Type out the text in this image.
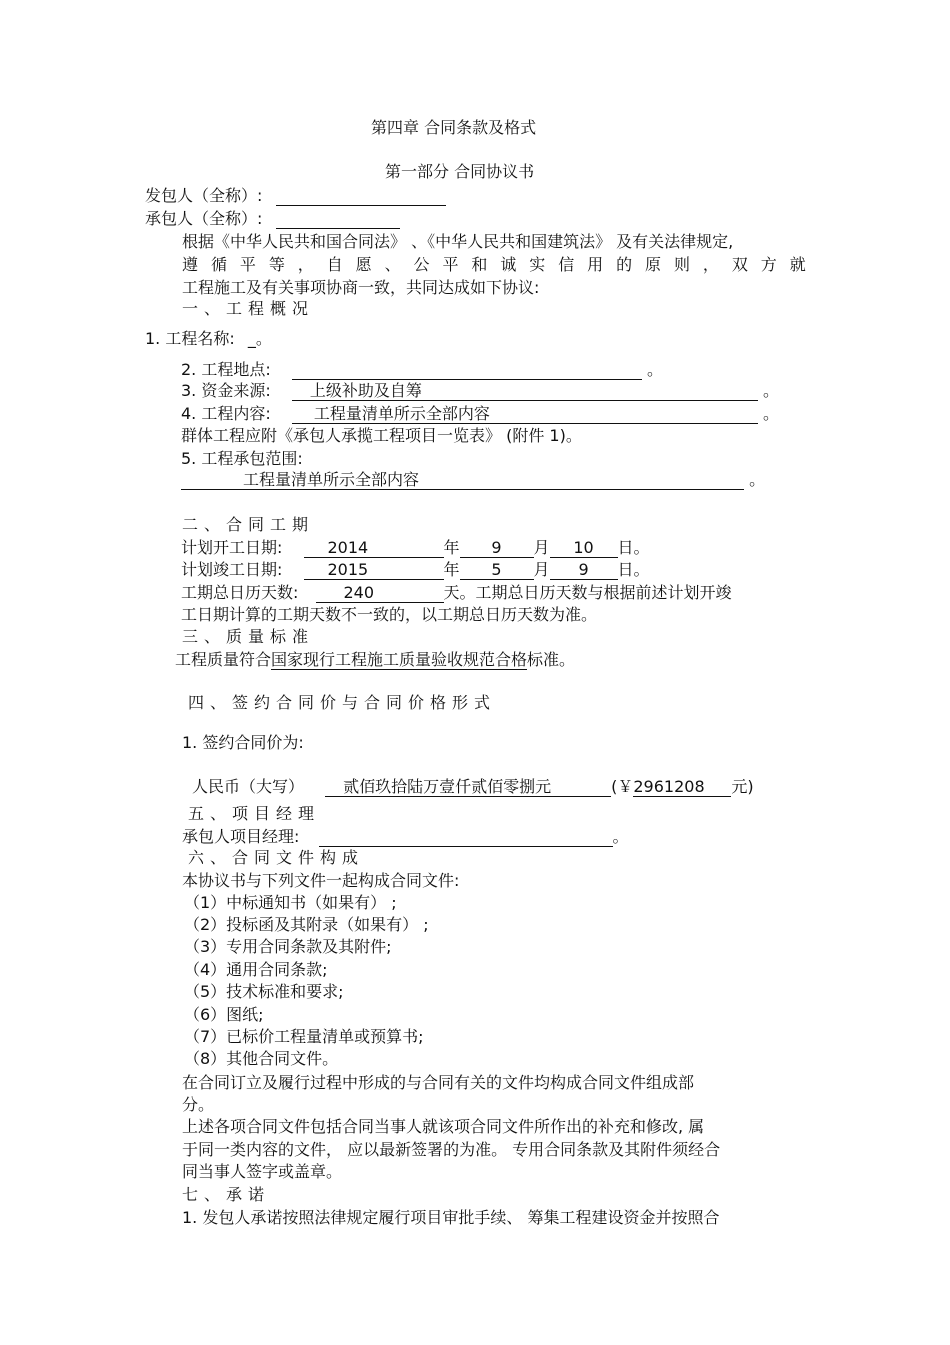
第四章 合同条款及格式
第一部分 合同协议书
发包人（全称）:
承包人（全称）:
根据《中华人民共和国合同法》 、《中华人民共和国建筑法》 及有关法律规定,
遵 循 平 等 ， 自 愿 、 公 平 和 诚 实 信 用 的 原 则 ， 双 方 就
工程施工及有关事项协商一致，共同达成如下协议:
一、工程概况
1. 工程名称: _。
2. 工程地点:	。
3. 资金来源: 上级补助及自筹	。
4. 工程内容:	工程量清单所示全部内容	。
群体工程应附《承包人承揽工程项目一览表》 (附件 1)。
5. 工程承包范围:
工程量清单所示全部内容	。
二、合同工期
计划开工日期:	2014	年 9 月 10 日。
计划竣工日期:	2015	年 5 月 9 日。
工期总日历天数:	240	天。工期总日历天数与根据前述计划开竣
工日期计算的工期天数不一致的，以工期总日历天数为准。
三、质量标准
工程质量符合国家现行工程施工质量验收规范合格标准。
四、签约合同价与合同价格形式
1. 签约合同价为:
人民币（大写） 贰佰玖拾陆万壹仟贰佰零捌元	(￥2961208 元)
五、项目经理
承包人项目经理:	。
六、合同文件构成
本协议书与下列文件一起构成合同文件:
（1）中标通知书（如果有） ;
（2）投标函及其附录（如果有） ;
（3）专用合同条款及其附件;
（4）通用合同条款;
（5）技术标准和要求;
（6）图纸;
（7）已标价工程量清单或预算书;
（8）其他合同文件。
在合同订立及履行过程中形成的与合同有关的文件均构成合同文件组成部
分。
上述各项合同文件包括合同当事人就该项合同文件所作出的补充和修改, 属
于同一类内容的文件， 应以最新签署的为准。 专用合同条款及其附件须经合
同当事人签字或盖章。
七、承诺
1. 发包人承诺按照法律规定履行项目审批手续、 筹集工程建设资金并按照合
